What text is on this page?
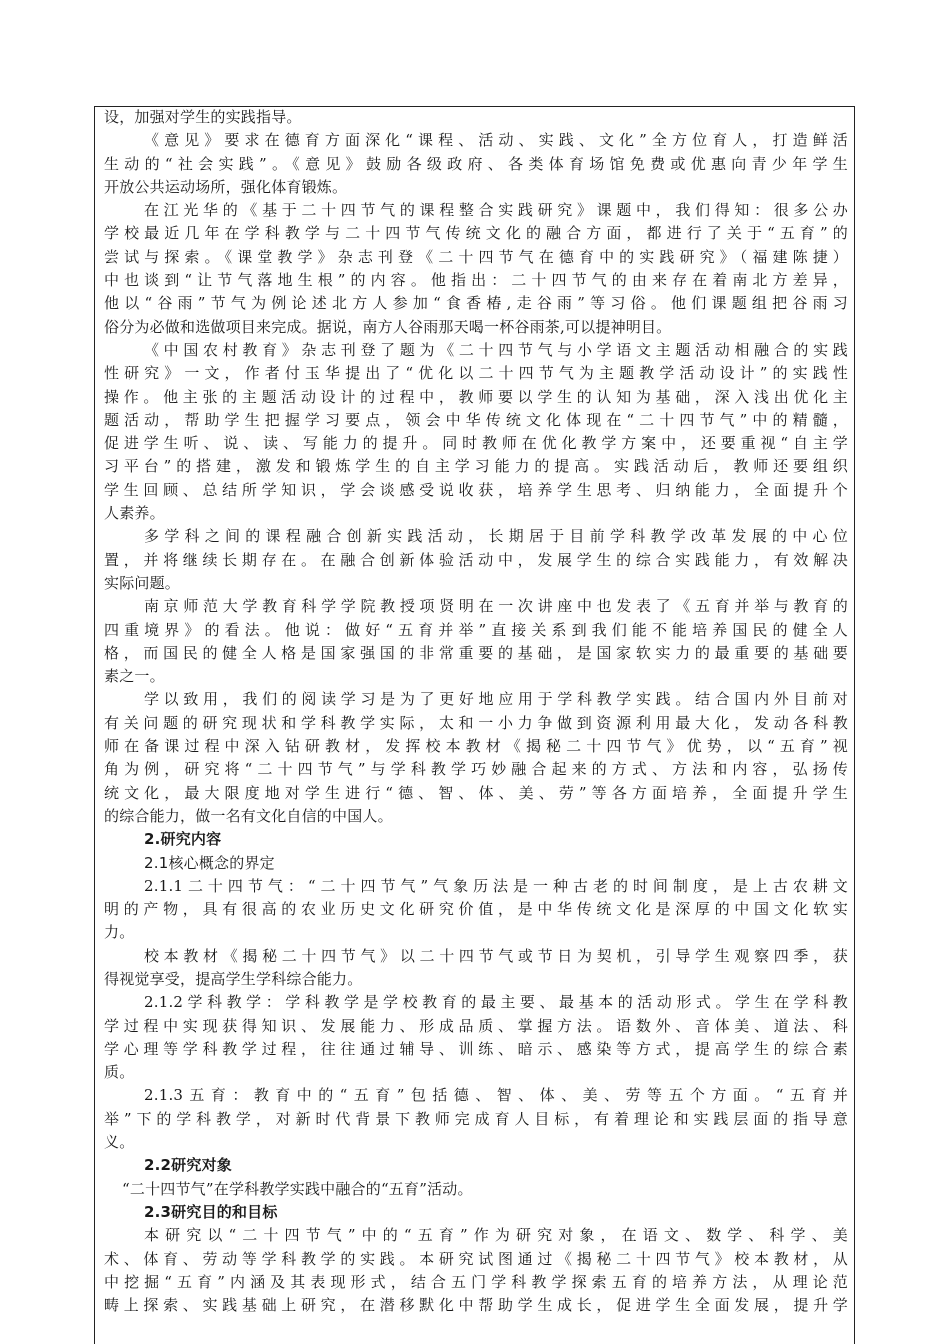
设，加强对学生的实践指导。
《意见》要求在德育方面深化“课程、活动、实践、文化”全方位育人，打造鲜活
生动的“社会实践”。《意见》鼓励各级政府、各类体育场馆免费或优惠向青少年学生
开放公共运动场所，强化体育锻炼。
在江光华的《基于二十四节气的课程整合实践研究》课题中，我们得知：很多公办
学校最近几年在学科教学与二十四节气传统文化的融合方面，都进行了关于“五育”的
尝试与探索。《课堂教学》杂志刊登《二十四节气在德育中的实践研究》（福建陈捷）
中也谈到“让节气落地生根”的内容。他指出：二十四节气的由来存在着南北方差异，
他以“谷雨”节气为例论述北方人参加“食香椿,走谷雨”等习俗。他们课题组把谷雨习
俗分为必做和选做项目来完成。据说，南方人谷雨那天喝一杯谷雨茶,可以提神明目。
《中国农村教育》杂志刊登了题为《二十四节气与小学语文主题活动相融合的实践
性研究》一文，作者付玉华提出了“优化以二十四节气为主题教学活动设计”的实践性
操作。他主张的主题活动设计的过程中，教师要以学生的认知为基础，深入浅出优化主
题活动，帮助学生把握学习要点，领会中华传统文化体现在“二十四节气”中的精髓，
促进学生听、说、读、写能力的提升。同时教师在优化教学方案中，还要重视“自主学
习平台”的搭建，激发和锻炼学生的自主学习能力的提高。实践活动后，教师还要组织
学生回顾、总结所学知识，学会谈感受说收获，培养学生思考、归纳能力，全面提升个
人素养。
多学科之间的课程融合创新实践活动，长期居于目前学科教学改革发展的中心位
置，并将继续长期存在。在融合创新体验活动中，发展学生的综合实践能力，有效解决
实际问题。
南京师范大学教育科学学院教授项贤明在一次讲座中也发表了《五育并举与教育的
四重境界》的看法。他说：做好“五育并举”直接关系到我们能不能培养国民的健全人
格，而国民的健全人格是国家强国的非常重要的基础，是国家软实力的最重要的基础要
素之一。
学以致用，我们的阅读学习是为了更好地应用于学科教学实践。结合国内外目前对
有关问题的研究现状和学科教学实际，太和一小力争做到资源利用最大化，发动各科教
师在备课过程中深入钻研教材，发挥校本教材《揭秘二十四节气》优势，以“五育”视
角为例，研究将“二十四节气”与学科教学巧妙融合起来的方式、方法和内容，弘扬传
统文化，最大限度地对学生进行“德、智、体、美、劳”等各方面培养，全面提升学生
的综合能力，做一名有文化自信的中国人。
2.研究内容
2.1核心概念的界定
2.1.1二十四节气：“二十四节气”气象历法是一种古老的时间制度，是上古农耕文
明的产物，具有很高的农业历史文化研究价值，是中华传统文化是深厚的中国文化软实
力。
校本教材《揭秘二十四节气》以二十四节气或节日为契机，引导学生观察四季，获
得视觉享受，提高学生学科综合能力。
2.1.2学科教学：学科教学是学校教育的最主要、最基本的活动形式。学生在学科教
学过程中实现获得知识、发展能力、形成品质、掌握方法。语数外、音体美、道法、科
学心理等学科教学过程，往往通过辅导、训练、暗示、感染等方式，提高学生的综合素
质。
2.1.3五育：教育中的“五育”包括德、智、体、美、劳等五个方面。“五育并
举”下的学科教学，对新时代背景下教师完成育人目标，有着理论和实践层面的指导意
义。
2.2研究对象
“二十四节气”在学科教学实践中融合的“五育”活动。
2.3研究目的和目标
本研究以“二十四节气”中的“五育”作为研究对象，在语文、数学、科学、美
术、体育、劳动等学科教学的实践。本研究试图通过《揭秘二十四节气》校本教材，从
中挖掘“五育”内涵及其表现形式，结合五门学科教学探索五育的培养方法，从理论范
畴上探索、实践基础上研究，在潜移默化中帮助学生成长，促进学生全面发展，提升学
